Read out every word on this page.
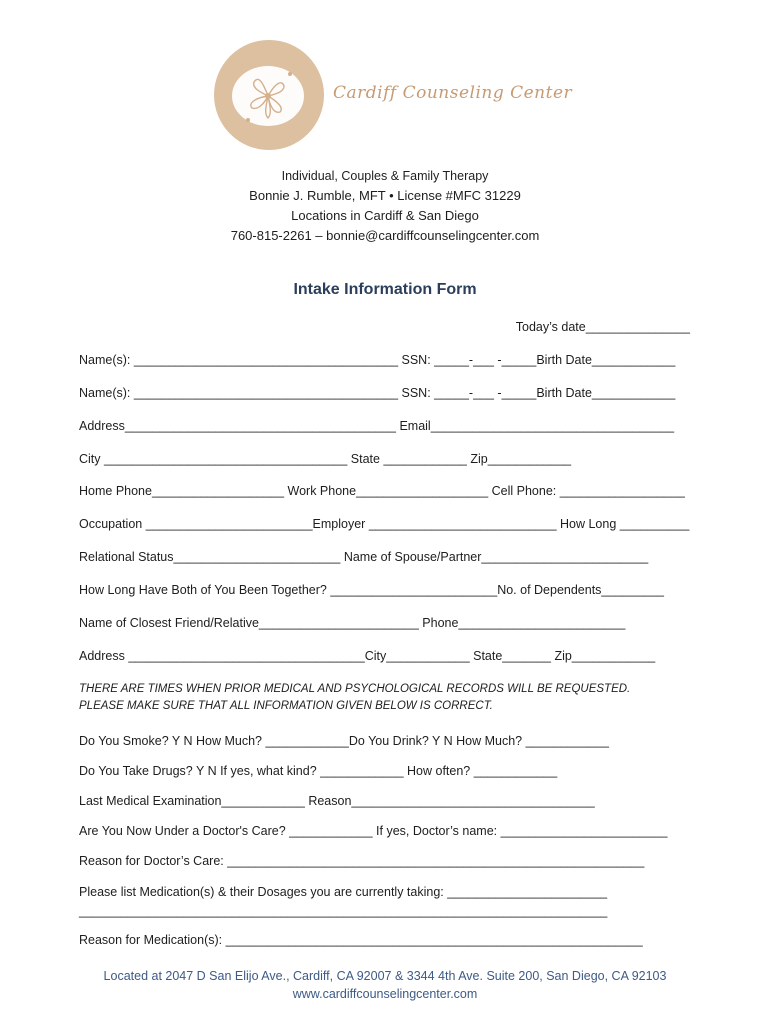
Cardiff Counseling Center
Individual, Couples & Family Therapy
Bonnie J. Rumble, MFT • License #MFC 31229
Locations in Cardiff & San Diego
760-815-2261 – bonnie@cardiffcounselingcenter.com
Intake Information Form
Today’s date_______________
Name(s): ______________________________________ SSN: _____-___ -_____Birth Date____________
Name(s): ______________________________________ SSN: _____-___ -_____Birth Date____________
Address_______________________________________ Email___________________________________
City ___________________________________ State ____________ Zip____________
Home Phone___________________ Work Phone___________________ Cell Phone: __________________
Occupation ________________________Employer ___________________________ How Long __________
Relational Status________________________ Name of Spouse/Partner________________________
How Long Have Both of You Been Together? ________________________No. of Dependents_________
Name of Closest Friend/Relative_______________________ Phone________________________
Address __________________________________City____________ State_______ Zip____________
THERE ARE TIMES WHEN PRIOR MEDICAL AND PSYCHOLOGICAL RECORDS WILL BE REQUESTED.
PLEASE MAKE SURE THAT ALL INFORMATION GIVEN BELOW IS CORRECT.
Do You Smoke? Y N How Much? ____________Do You Drink? Y N How Much? ____________
Do You Take Drugs? Y N If yes, what kind? ____________ How often? ____________
Last Medical Examination____________ Reason___________________________________
Are You Now Under a Doctor's Care? ____________ If yes, Doctor’s name: ________________________
Reason for Doctor’s Care: ____________________________________________________________
Please list Medication(s) & their Dosages you are currently taking: _______________________
____________________________________________________________________________
Reason for Medication(s): ____________________________________________________________
Located at 2047 D San Elijo Ave., Cardiff, CA 92007 & 3344 4th Ave. Suite 200, San Diego, CA 92103
www.cardiffcounselingcenter.com
